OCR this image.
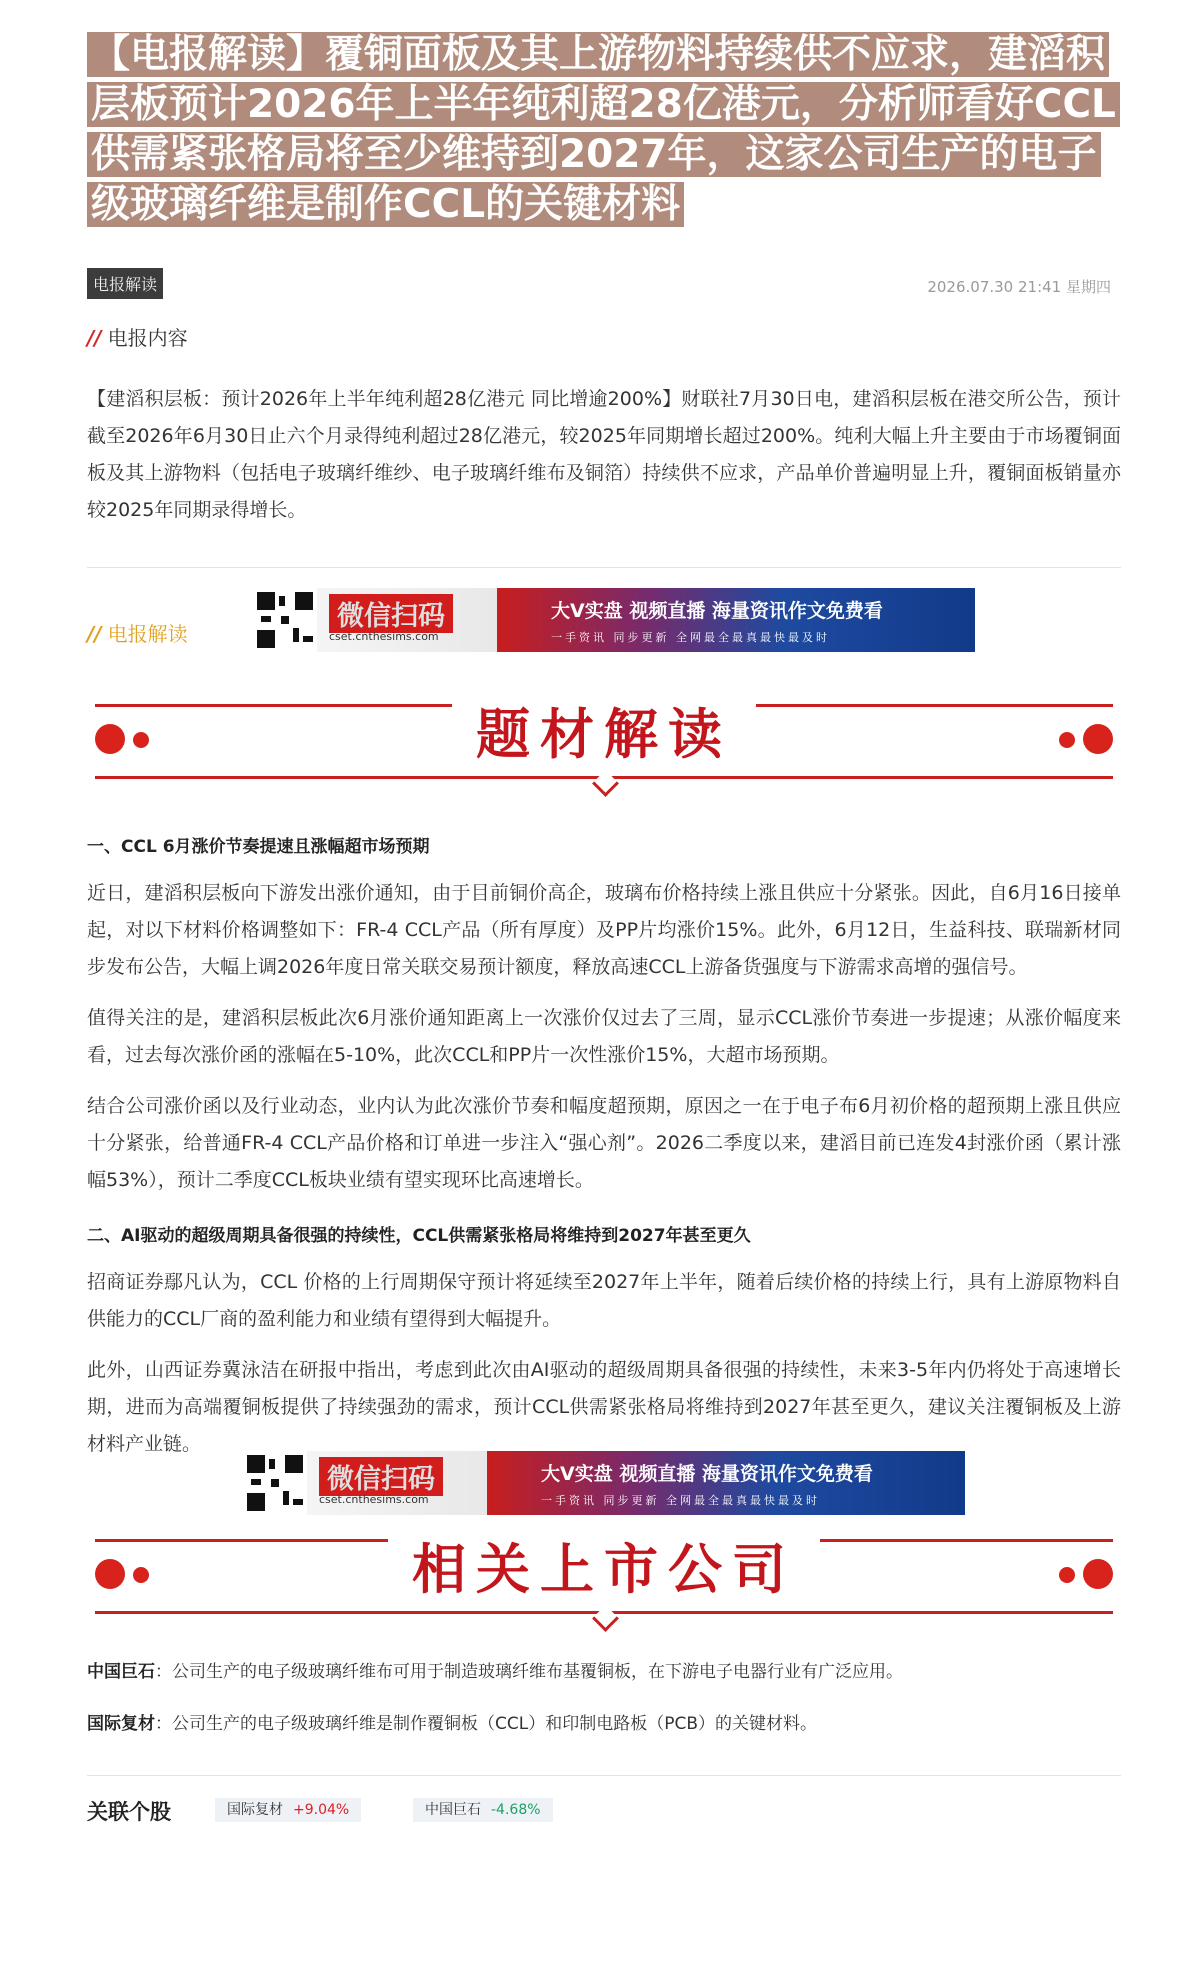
【电报解读】覆铜面板及其上游物料持续供不应求，建滔积层板预计2026年上半年纯利超28亿港元，分析师看好CCL供需紧张格局将至少维持到2027年，这家公司生产的电子级玻璃纤维是制作CCL的关键材料
电报解读	2026.07.30 21:41 星期四
// 电报内容

【建滔积层板：预计2026年上半年纯利超28亿港元 同比增逾200%】财联社7月30日电，建滔积层板在港交所公告，预计截至2026年6月30日止六个月录得纯利超过28亿港元，较2025年同期增长超过200%。纯利大幅上升主要由于市场覆铜面板及其上游物料（包括电子玻璃纤维纱、电子玻璃纤维布及铜箔）持续供不应求，产品单价普遍明显上升，覆铜面板销量亦较2025年同期录得增长。

// 电报解读
微信扫码
cset.cnthesims.com
大V实盘 视频直播 海量资讯作文免费看
一手资讯 同步更新 全网最全最真最快最及时
题材解读
一、CCL 6月涨价节奏提速且涨幅超市场预期

近日，建滔积层板向下游发出涨价通知，由于目前铜价高企，玻璃布价格持续上涨且供应十分紧张。因此，自6月16日接单起，对以下材料价格调整如下：FR-4 CCL产品（所有厚度）及PP片均涨价15%。此外，6月12日，生益科技、联瑞新材同步发布公告，大幅上调2026年度日常关联交易预计额度，释放高速CCL上游备货强度与下游需求高增的强信号。

值得关注的是，建滔积层板此次6月涨价通知距离上一次涨价仅过去了三周，显示CCL涨价节奏进一步提速；从涨价幅度来看，过去每次涨价函的涨幅在5-10%，此次CCL和PP片一次性涨价15%，大超市场预期。

结合公司涨价函以及行业动态，业内认为此次涨价节奏和幅度超预期，原因之一在于电子布6月初价格的超预期上涨且供应十分紧张，给普通FR-4 CCL产品价格和订单进一步注入“强心剂”。2026二季度以来，建滔目前已连发4封涨价函（累计涨幅53%），预计二季度CCL板块业绩有望实现环比高速增长。

二、AI驱动的超级周期具备很强的持续性，CCL供需紧张格局将维持到2027年甚至更久

招商证券鄢凡认为，CCL 价格的上行周期保守预计将延续至2027年上半年，随着后续价格的持续上行，具有上游原物料自供能力的CCL厂商的盈利能力和业绩有望得到大幅提升。

此外，山西证券冀泳洁在研报中指出，考虑到此次由AI驱动的超级周期具备很强的持续性，未来3-5年内仍将处于高速增长期，进而为高端覆铜板提供了持续强劲的需求，预计CCL供需紧张格局将维持到2027年甚至更久，建议关注覆铜板及上游材料产业链。

微信扫码
cset.cnthesims.com
大V实盘 视频直播 海量资讯作文免费看
一手资讯 同步更新 全网最全最真最快最及时
相关上市公司

中国巨石：公司生产的电子级玻璃纤维布可用于制造玻璃纤维布基覆铜板，在下游电子电器行业有广泛应用。

国际复材：公司生产的电子级玻璃纤维是制作覆铜板（CCL）和印制电路板（PCB）的关键材料。

关联个股	国际复材 +9.04%	中国巨石 -4.68%
